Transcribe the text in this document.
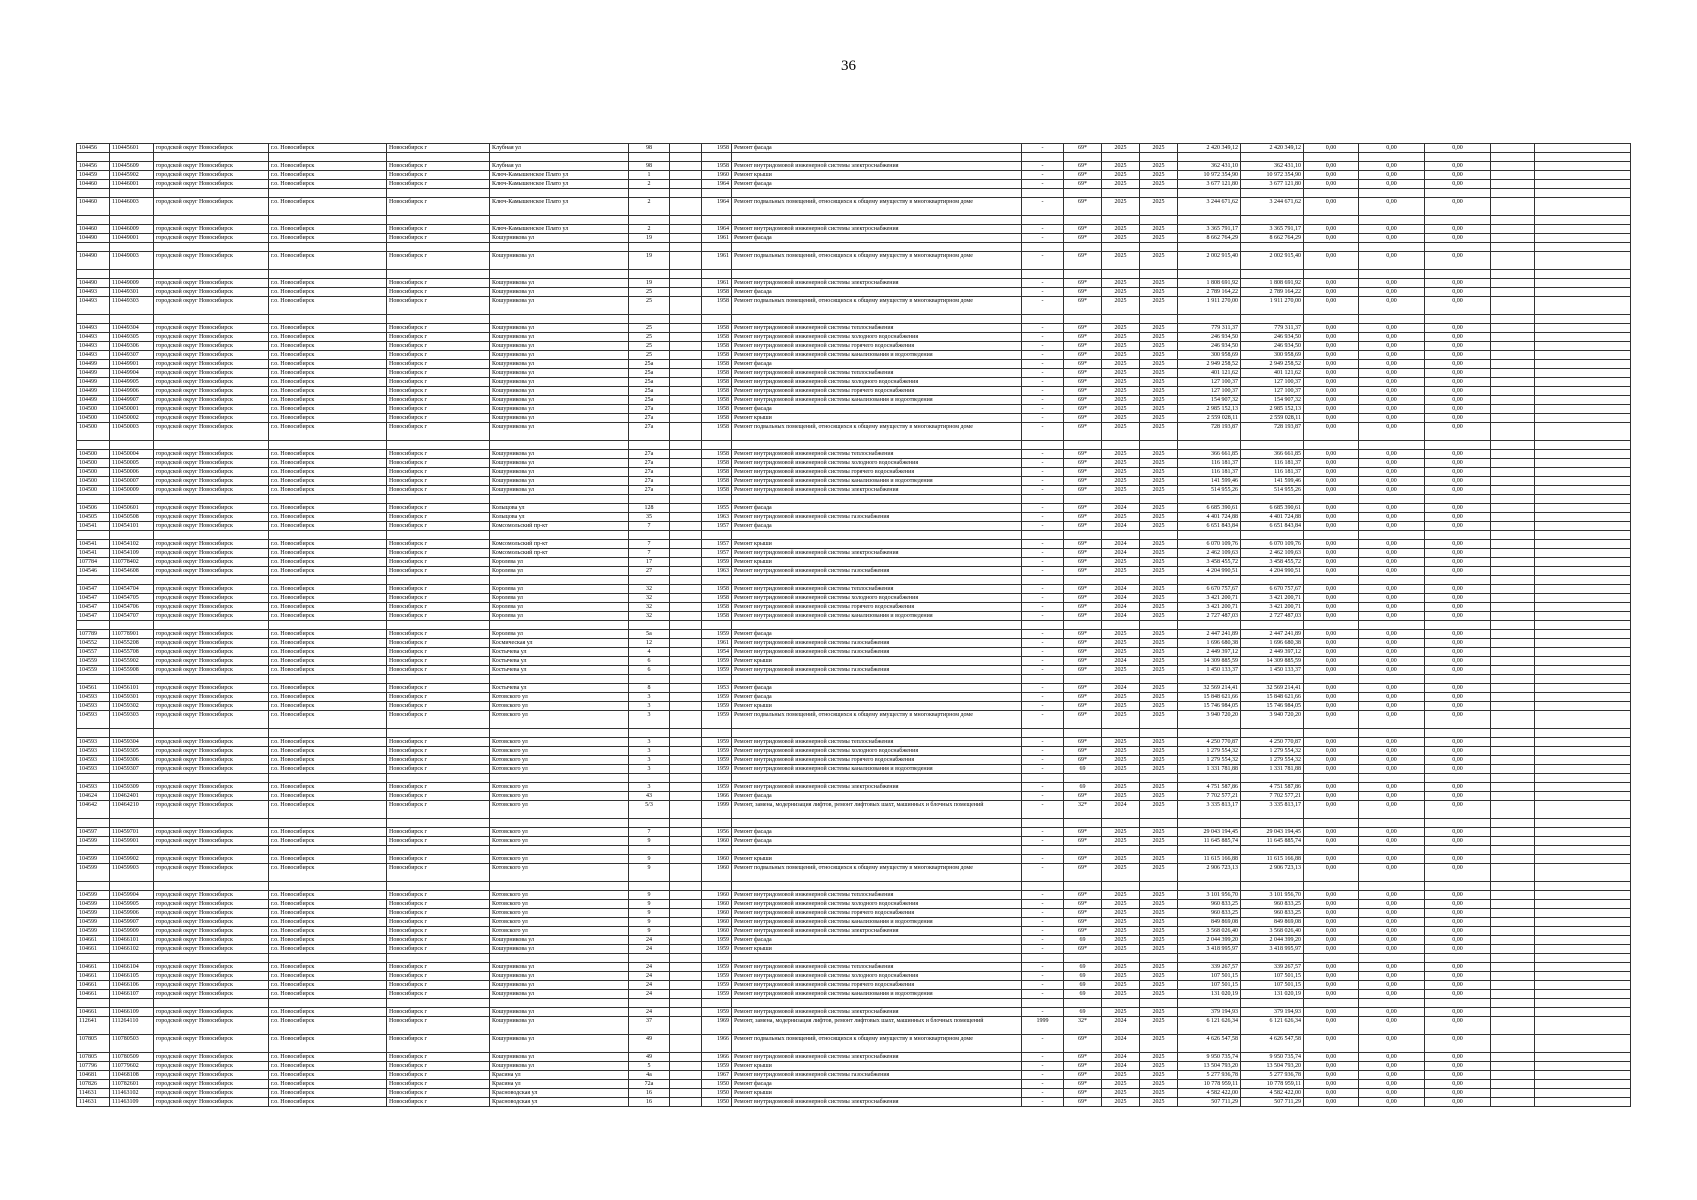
36
104456	110445601	городской округ Новосибирск	г.о. Новосибирск	Новосибирск г	Клубная ул	98		1958	Ремонт фасада	-	69*	2025	2025	2 420 349,12	2 420 349,12	0,00	0,00	0,00		

104456	110445609	городской округ Новосибирск	г.о. Новосибирск	Новосибирск г	Клубная ул	98		1958	Ремонт внутридомовой инженерной системы электроснабжения	-	69*	2025	2025	362 431,10	362 431,10	0,00	0,00	0,00		
104459	110445902	городской округ Новосибирск	г.о. Новосибирск	Новосибирск г	Ключ-Камышенское Плато ул	1		1960	Ремонт крыши	-	69*	2025	2025	10 972 354,90	10 972 354,90	0,00	0,00	0,00		
104460	110446001	городской округ Новосибирск	г.о. Новосибирск	Новосибирск г	Ключ-Камышенское Плато ул	2		1964	Ремонт фасада	-	69*	2025	2025	3 677 121,80	3 677 121,80	0,00	0,00	0,00		

104460	110446003	городской округ Новосибирск	г.о. Новосибирск	Новосибирск г	Ключ-Камышенское Плато ул	2		1964	Ремонт подвальных помещений, относящихся к общему имуществу в многоквартирном доме	-	69*	2025	2025	3 244 671,62	3 244 671,62	0,00	0,00	0,00		

104460	110446009	городской округ Новосибирск	г.о. Новосибирск	Новосибирск г	Ключ-Камышенское Плато ул	2		1964	Ремонт внутридомовой инженерной системы электроснабжения	-	69*	2025	2025	3 365 791,17	3 365 791,17	0,00	0,00	0,00		
104490	110449001	городской округ Новосибирск	г.о. Новосибирск	Новосибирск г	Кошурникова ул	19		1961	Ремонт фасада	-	69*	2025	2025	8 662 764,29	8 662 764,29	0,00	0,00	0,00		

104490	110449003	городской округ Новосибирск	г.о. Новосибирск	Новосибирск г	Кошурникова ул	19		1961	Ремонт подвальных помещений, относящихся к общему имуществу в многоквартирном доме	-	69*	2025	2025	2 002 915,40	2 002 915,40	0,00	0,00	0,00		

104490	110449009	городской округ Новосибирск	г.о. Новосибирск	Новосибирск г	Кошурникова ул	19		1961	Ремонт внутридомовой инженерной системы электроснабжения	-	69*	2025	2025	1 808 691,92	1 808 691,92	0,00	0,00	0,00		
104493	110449301	городской округ Новосибирск	г.о. Новосибирск	Новосибирск г	Кошурникова ул	25		1958	Ремонт фасада	-	69*	2025	2025	2 789 164,22	2 789 164,22	0,00	0,00	0,00		
104493	110449303	городской округ Новосибирск	г.о. Новосибирск	Новосибирск г	Кошурникова ул	25		1958	Ремонт подвальных помещений, относящихся к общему имуществу в многоквартирном доме	-	69*	2025	2025	1 911 270,00	1 911 270,00	0,00	0,00	0,00		

104493	110449304	городской округ Новосибирск	г.о. Новосибирск	Новосибирск г	Кошурникова ул	25		1958	Ремонт внутридомовой инженерной системы теплоснабжения	-	69*	2025	2025	779 311,37	779 311,37	0,00	0,00	0,00		
104493	110449305	городской округ Новосибирск	г.о. Новосибирск	Новосибирск г	Кошурникова ул	25		1958	Ремонт внутридомовой инженерной системы холодного водоснабжения	-	69*	2025	2025	246 934,50	246 934,50	0,00	0,00	0,00		
104493	110449306	городской округ Новосибирск	г.о. Новосибирск	Новосибирск г	Кошурникова ул	25		1958	Ремонт внутридомовой инженерной системы горячего водоснабжения	-	69*	2025	2025	246 934,50	246 934,50	0,00	0,00	0,00		
104493	110449307	городской округ Новосибирск	г.о. Новосибирск	Новосибирск г	Кошурникова ул	25		1958	Ремонт внутридомовой инженерной системы канализования и водоотведения	-	69*	2025	2025	300 958,69	300 958,69	0,00	0,00	0,00		
104499	110449901	городской округ Новосибирск	г.о. Новосибирск	Новосибирск г	Кошурникова ул	25а		1958	Ремонт фасада	-	69*	2025	2025	2 949 258,52	2 949 258,52	0,00	0,00	0,00		
104499	110449904	городской округ Новосибирск	г.о. Новосибирск	Новосибирск г	Кошурникова ул	25а		1958	Ремонт внутридомовой инженерной системы теплоснабжения	-	69*	2025	2025	401 121,62	401 121,62	0,00	0,00	0,00		
104499	110449905	городской округ Новосибирск	г.о. Новосибирск	Новосибирск г	Кошурникова ул	25а		1958	Ремонт внутридомовой инженерной системы холодного водоснабжения	-	69*	2025	2025	127 100,37	127 100,37	0,00	0,00	0,00		
104499	110449906	городской округ Новосибирск	г.о. Новосибирск	Новосибирск г	Кошурникова ул	25а		1958	Ремонт внутридомовой инженерной системы горячего водоснабжения	-	69*	2025	2025	127 100,37	127 100,37	0,00	0,00	0,00		
104499	110449907	городской округ Новосибирск	г.о. Новосибирск	Новосибирск г	Кошурникова ул	25а		1958	Ремонт внутридомовой инженерной системы канализования и водоотведения	-	69*	2025	2025	154 907,32	154 907,32	0,00	0,00	0,00		
104500	110450001	городской округ Новосибирск	г.о. Новосибирск	Новосибирск г	Кошурникова ул	27а		1958	Ремонт фасада	-	69*	2025	2025	2 985 152,13	2 985 152,13	0,00	0,00	0,00		
104500	110450002	городской округ Новосибирск	г.о. Новосибирск	Новосибирск г	Кошурникова ул	27а		1958	Ремонт крыши	-	69*	2025	2025	2 559 028,11	2 559 028,11	0,00	0,00	0,00		
104500	110450003	городской округ Новосибирск	г.о. Новосибирск	Новосибирск г	Кошурникова ул	27а		1958	Ремонт подвальных помещений, относящихся к общему имуществу в многоквартирном доме	-	69*	2025	2025	728 193,87	728 193,87	0,00	0,00	0,00		

104500	110450004	городской округ Новосибирск	г.о. Новосибирск	Новосибирск г	Кошурникова ул	27а		1958	Ремонт внутридомовой инженерной системы теплоснабжения	-	69*	2025	2025	366 661,85	366 661,85	0,00	0,00	0,00		
104500	110450005	городской округ Новосибирск	г.о. Новосибирск	Новосибирск г	Кошурникова ул	27а		1958	Ремонт внутридомовой инженерной системы холодного водоснабжения	-	69*	2025	2025	116 181,37	116 181,37	0,00	0,00	0,00		
104500	110450006	городской округ Новосибирск	г.о. Новосибирск	Новосибирск г	Кошурникова ул	27а		1958	Ремонт внутридомовой инженерной системы горячего водоснабжения	-	69*	2025	2025	116 181,37	116 181,37	0,00	0,00	0,00		
104500	110450007	городской округ Новосибирск	г.о. Новосибирск	Новосибирск г	Кошурникова ул	27а		1958	Ремонт внутридомовой инженерной системы канализования и водоотведения	-	69*	2025	2025	141 599,46	141 599,46	0,00	0,00	0,00		
104500	110450009	городской округ Новосибирск	г.о. Новосибирск	Новосибирск г	Кошурникова ул	27а		1958	Ремонт внутридомовой инженерной системы электроснабжения	-	69*	2025	2025	514 955,26	514 955,26	0,00	0,00	0,00		

104506	110450601	городской округ Новосибирск	г.о. Новосибирск	Новосибирск г	Колыцова ул	128		1955	Ремонт фасада	-	69*	2024	2025	6 685 390,61	6 685 390,61	0,00	0,00	0,00		
104505	110450508	городской округ Новосибирск	г.о. Новосибирск	Новосибирск г	Колыцова ул	35		1963	Ремонт внутридомовой инженерной системы газоснабжения	-	69*	2025	2025	4 401 724,88	4 401 724,88	0,00	0,00	0,00		
104541	110454101	городской округ Новосибирск	г.о. Новосибирск	Новосибирск г	Комсомольский пр-кт	7		1957	Ремонт фасада	-	69*	2024	2025	6 651 843,84	6 651 843,84	0,00	0,00	0,00		

104541	110454102	городской округ Новосибирск	г.о. Новосибирск	Новосибирск г	Комсомольский пр-кт	7		1957	Ремонт крыши	-	69*	2024	2025	6 070 109,76	6 070 109,76	0,00	0,00	0,00		
104541	110454109	городской округ Новосибирск	г.о. Новосибирск	Новосибирск г	Комсомольский пр-кт	7		1957	Ремонт внутридомовой инженерной системы электроснабжения	-	69*	2024	2025	2 462 109,63	2 462 109,63	0,00	0,00	0,00		
107784	110778402	городской округ Новосибирск	г.о. Новосибирск	Новосибирск г	Королева ул	17		1959	Ремонт крыши	-	69*	2025	2025	3 458 455,72	3 458 455,72	0,00	0,00	0,00		
104546	110454608	городской округ Новосибирск	г.о. Новосибирск	Новосибирск г	Королева ул	27		1963	Ремонт внутридомовой инженерной системы газоснабжения	-	69*	2025	2025	4 204 990,51	4 204 990,51	0,00	0,00	0,00		

104547	110454704	городской округ Новосибирск	г.о. Новосибирск	Новосибирск г	Королева ул	32		1958	Ремонт внутридомовой инженерной системы теплоснабжения	-	69*	2024	2025	6 670 757,67	6 670 757,67	0,00	0,00	0,00		
104547	110454705	городской округ Новосибирск	г.о. Новосибирск	Новосибирск г	Королева ул	32		1958	Ремонт внутридомовой инженерной системы холодного водоснабжения	-	69*	2024	2025	3 421 200,71	3 421 200,71	0,00	0,00	0,00		
104547	110454706	городской округ Новосибирск	г.о. Новосибирск	Новосибирск г	Королева ул	32		1958	Ремонт внутридомовой инженерной системы горячего водоснабжения	-	69*	2024	2025	3 421 200,71	3 421 200,71	0,00	0,00	0,00		
104547	110454707	городской округ Новосибирск	г.о. Новосибирск	Новосибирск г	Королева ул	32		1958	Ремонт внутридомовой инженерной системы канализования и водоотведения	-	69*	2024	2025	2 727 487,03	2 727 487,03	0,00	0,00	0,00		

107789	110778901	городской округ Новосибирск	г.о. Новосибирск	Новосибирск г	Королева ул	5а		1959	Ремонт фасада	-	69*	2025	2025	2 447 241,89	2 447 241,89	0,00	0,00	0,00		
104552	110455208	городской округ Новосибирск	г.о. Новосибирск	Новосибирск г	Космическая ул	12		1961	Ремонт внутридомовой инженерной системы газоснабжения	-	69*	2025	2025	1 696 680,38	1 696 680,38	0,00	0,00	0,00		
104557	110455708	городской округ Новосибирск	г.о. Новосибирск	Новосибирск г	Костычева ул	4		1954	Ремонт внутридомовой инженерной системы газоснабжения	-	69*	2025	2025	2 449 397,12	2 449 397,12	0,00	0,00	0,00		
104559	110455902	городской округ Новосибирск	г.о. Новосибирск	Новосибирск г	Костычева ул	6		1959	Ремонт крыши	-	69*	2024	2025	14 309 885,59	14 309 885,59	0,00	0,00	0,00		
104559	110455908	городской округ Новосибирск	г.о. Новосибирск	Новосибирск г	Костычева ул	6		1959	Ремонт внутридомовой инженерной системы газоснабжения	-	69*	2025	2025	1 450 133,37	1 450 133,37	0,00	0,00	0,00		

104561	110456101	городской округ Новосибирск	г.о. Новосибирск	Новосибирск г	Костычева ул	8		1953	Ремонт фасада	-	69*	2024	2025	32 569 214,41	32 569 214,41	0,00	0,00	0,00		
104593	110459301	городской округ Новосибирск	г.о. Новосибирск	Новосибирск г	Котовского ул	3		1959	Ремонт фасада	-	69*	2025	2025	15 848 621,66	15 848 621,66	0,00	0,00	0,00		
104593	110459302	городской округ Новосибирск	г.о. Новосибирск	Новосибирск г	Котовского ул	3		1959	Ремонт крыши	-	69*	2025	2025	15 746 984,05	15 746 984,05	0,00	0,00	0,00		
104593	110459303	городской округ Новосибирск	г.о. Новосибирск	Новосибирск г	Котовского ул	3		1959	Ремонт подвальных помещений, относящихся к общему имуществу в многоквартирном доме	-	69*	2025	2025	3 940 720,20	3 940 720,20	0,00	0,00	0,00		

104593	110459304	городской округ Новосибирск	г.о. Новосибирск	Новосибирск г	Котовского ул	3		1959	Ремонт внутридомовой инженерной системы теплоснабжения	-	69*	2025	2025	4 250 770,87	4 250 770,87	0,00	0,00	0,00		
104593	110459305	городской округ Новосибирск	г.о. Новосибирск	Новосибирск г	Котовского ул	3		1959	Ремонт внутридомовой инженерной системы холодного водоснабжения	-	69*	2025	2025	1 279 554,32	1 279 554,32	0,00	0,00	0,00		
104593	110459306	городской округ Новосибирск	г.о. Новосибирск	Новосибирск г	Котовского ул	3		1959	Ремонт внутридомовой инженерной системы горячего водоснабжения	-	69*	2025	2025	1 279 554,32	1 279 554,32	0,00	0,00	0,00		
104593	110459307	городской округ Новосибирск	г.о. Новосибирск	Новосибирск г	Котовского ул	3		1959	Ремонт внутридомовой инженерной системы канализования и водоотведения	-	69	2025	2025	1 331 781,88	1 331 781,88	0,00	0,00	0,00		

104593	110459309	городской округ Новосибирск	г.о. Новосибирск	Новосибирск г	Котовского ул	3		1959	Ремонт внутридомовой инженерной системы электроснабжения	-	69	2025	2025	4 751 587,86	4 751 587,86	0,00	0,00	0,00		
104624	110462401	городской округ Новосибирск	г.о. Новосибирск	Новосибирск г	Котовского ул	43		1966	Ремонт фасада	-	69*	2025	2025	7 702 577,21	7 702 577,21	0,00	0,00	0,00		
104642	110464210	городской округ Новосибирск	г.о. Новосибирск	Новосибирск г	Котовского ул	5/3		1999	Ремонт, замена, модернизация лифтов, ремонт лифтовых шахт, машинных и блочных помещений	-	32*	2024	2025	3 335 813,17	3 335 813,17	0,00	0,00	0,00		

104597	110459701	городской округ Новосибирск	г.о. Новосибирск	Новосибирск г	Котовского ул	7		1956	Ремонт фасада	-	69*	2025	2025	29 043 194,45	29 043 194,45	0,00	0,00	0,00		
104599	110459901	городской округ Новосибирск	г.о. Новосибирск	Новосибирск г	Котовского ул	9		1960	Ремонт фасада	-	69*	2025	2025	11 645 885,74	11 645 885,74	0,00	0,00	0,00		

104599	110459902	городской округ Новосибирск	г.о. Новосибирск	Новосибирск г	Котовского ул	9		1960	Ремонт крыши	-	69*	2025	2025	11 615 166,88	11 615 166,88	0,00	0,00	0,00		
104599	110459903	городской округ Новосибирск	г.о. Новосибирск	Новосибирск г	Котовского ул	9		1960	Ремонт подвальных помещений, относящихся к общему имуществу в многоквартирном доме	-	69*	2025	2025	2 906 723,13	2 906 723,13	0,00	0,00	0,00		

104599	110459904	городской округ Новосибирск	г.о. Новосибирск	Новосибирск г	Котовского ул	9		1960	Ремонт внутридомовой инженерной системы теплоснабжения	-	69*	2025	2025	3 101 956,70	3 101 956,70	0,00	0,00	0,00		
104599	110459905	городской округ Новосибирск	г.о. Новосибирск	Новосибирск г	Котовского ул	9		1960	Ремонт внутридомовой инженерной системы холодного водоснабжения	-	69*	2025	2025	960 833,25	960 833,25	0,00	0,00	0,00		
104599	110459906	городской округ Новосибирск	г.о. Новосибирск	Новосибирск г	Котовского ул	9		1960	Ремонт внутридомовой инженерной системы горячего водоснабжения	-	69*	2025	2025	960 833,25	960 833,25	0,00	0,00	0,00		
104599	110459907	городской округ Новосибирск	г.о. Новосибирск	Новосибирск г	Котовского ул	9		1960	Ремонт внутридомовой инженерной системы канализования и водоотведения	-	69*	2025	2025	849 869,08	849 869,08	0,00	0,00	0,00		
104599	110459909	городской округ Новосибирск	г.о. Новосибирск	Новосибирск г	Котовского ул	9		1960	Ремонт внутридомовой инженерной системы электроснабжения	-	69*	2025	2025	3 568 026,40	3 568 026,40	0,00	0,00	0,00		
104661	110466101	городской округ Новосибирск	г.о. Новосибирск	Новосибирск г	Кошурникова ул	24		1959	Ремонт фасада	-	69	2025	2025	2 044 399,20	2 044 399,20	0,00	0,00	0,00		
104661	110466102	городской округ Новосибирск	г.о. Новосибирск	Новосибирск г	Кошурникова ул	24		1959	Ремонт крыши	-	69*	2025	2025	3 418 995,97	3 418 995,97	0,00	0,00	0,00		

104661	110466104	городской округ Новосибирск	г.о. Новосибирск	Новосибирск г	Кошурникова ул	24		1959	Ремонт внутридомовой инженерной системы теплоснабжения	-	69	2025	2025	339 267,57	339 267,57	0,00	0,00	0,00		
104661	110466105	городской округ Новосибирск	г.о. Новосибирск	Новосибирск г	Кошурникова ул	24		1959	Ремонт внутридомовой инженерной системы холодного водоснабжения	-	69	2025	2025	107 501,15	107 501,15	0,00	0,00	0,00		
104661	110466106	городской округ Новосибирск	г.о. Новосибирск	Новосибирск г	Кошурникова ул	24		1959	Ремонт внутридомовой инженерной системы горячего водоснабжения	-	69	2025	2025	107 501,15	107 501,15	0,00	0,00	0,00		
104661	110466107	городской округ Новосибирск	г.о. Новосибирск	Новосибирск г	Кошурникова ул	24		1959	Ремонт внутридомовой инженерной системы канализования и водоотведения	-	69	2025	2025	131 020,19	131 020,19	0,00	0,00	0,00		

104661	110466109	городской округ Новосибирск	г.о. Новосибирск	Новосибирск г	Кошурникова ул	24		1959	Ремонт внутридомовой инженерной системы электроснабжения	-	69	2025	2025	379 194,93	379 194,93	0,00	0,00	0,00		
112641	111264110	городской округ Новосибирск	г.о. Новосибирск	Новосибирск г	Кошурникова ул	37		1969	Ремонт, замена, модернизация лифтов, ремонт лифтовых шахт, машинных и блочных помещений	1999	32*	2024	2025	6 121 626,34	6 121 626,34	0,00	0,00	0,00		
107805	110780503	городской округ Новосибирск	г.о. Новосибирск	Новосибирск г	Кошурникова ул	49		1966	Ремонт подвальных помещений, относящихся к общему имуществу в многоквартирном доме	-	69*	2024	2025	4 626 547,58	4 626 547,58	0,00	0,00	0,00		
107805	110780509	городской округ Новосибирск	г.о. Новосибирск	Новосибирск г	Кошурникова ул	49		1966	Ремонт внутридомовой инженерной системы электроснабжения	-	69*	2024	2025	9 950 735,74	9 950 735,74	0,00	0,00	0,00		
107796	110779602	городской округ Новосибирск	г.о. Новосибирск	Новосибирск г	Кошурникова ул	5		1959	Ремонт крыши	-	69*	2024	2025	13 504 793,20	13 504 793,20	0,00	0,00	0,00		
104681	110468108	городской округ Новосибирск	г.о. Новосибирск	Новосибирск г	Красина ул	4а		1967	Ремонт внутридомовой инженерной системы газоснабжения	-	69*	2025	2025	5 277 936,78	5 277 936,78	0,00	0,00	0,00		
107826	110782601	городской округ Новосибирск	г.о. Новосибирск	Новосибирск г	Красина ул	72а		1950	Ремонт фасада	-	69*	2025	2025	10 778 959,11	10 778 959,11	0,00	0,00	0,00		
114631	111463102	городской округ Новосибирск	г.о. Новосибирск	Новосибирск г	Красноводская ул	16		1950	Ремонт крыши	-	69*	2025	2025	4 582 422,00	4 582 422,00	0,00	0,00	0,00		
114631	111463109	городской округ Новосибирск	г.о. Новосибирск	Новосибирск г	Красноводская ул	16		1950	Ремонт внутридомовой инженерной системы электроснабжения	-	69*	2025	2025	507 711,29	507 711,29	0,00	0,00	0,00		
